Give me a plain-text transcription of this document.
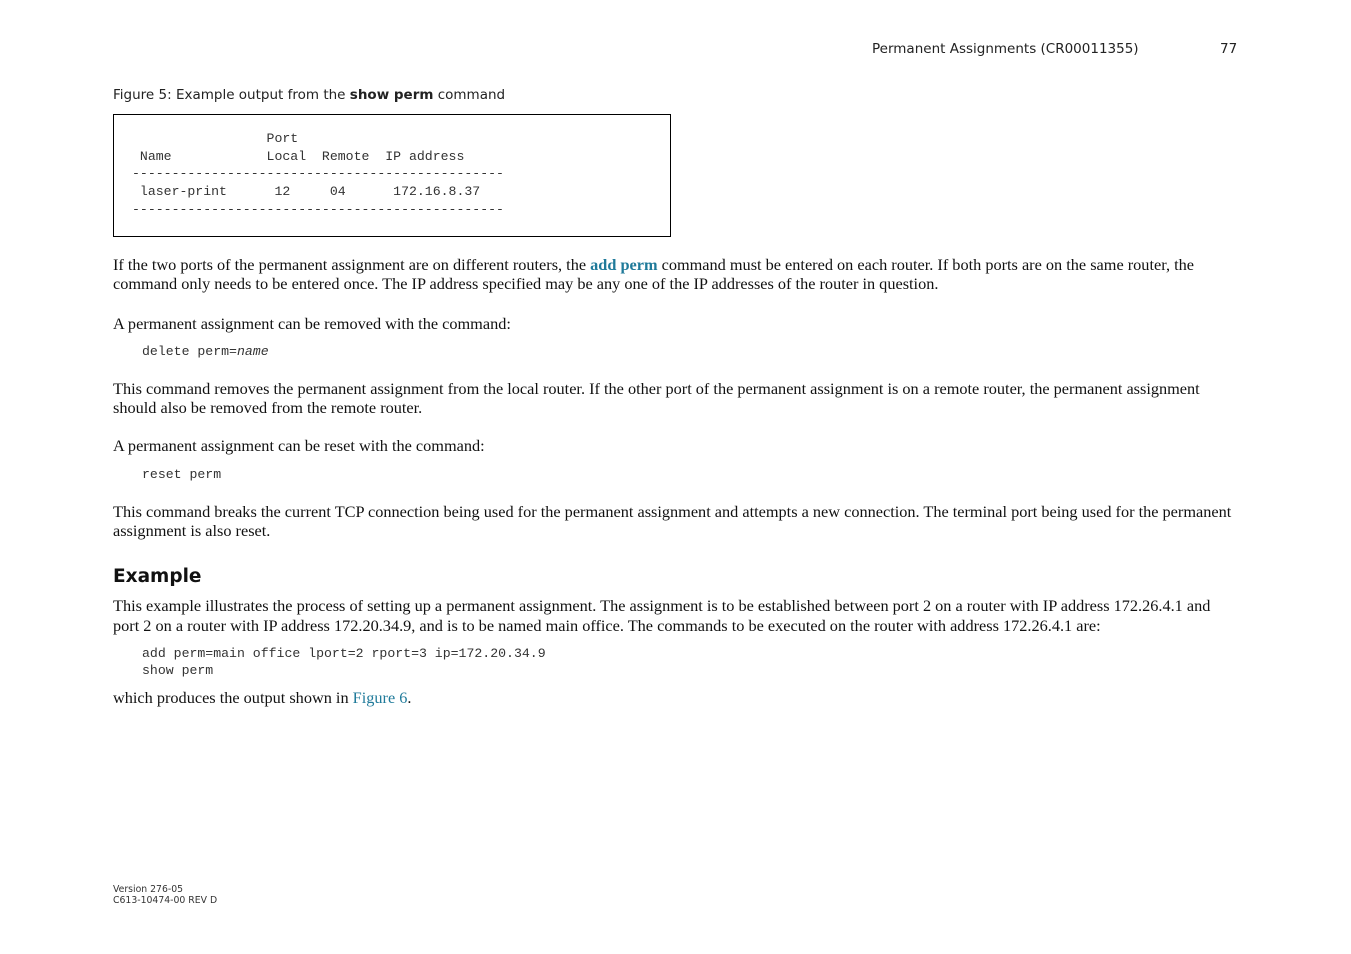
Permanent Assignments (CR00011355)	77
Figure 5: Example output from the show perm command
Port
Name            Local  Remote  IP address
-----------------------------------------------
laser-print      12     04      172.16.8.37
-----------------------------------------------

If the two ports of the permanent assignment are on different routers, the add perm command must be entered on each router. If both ports are on the same router, the command only needs to be entered once. The IP address specified may be any one of the IP addresses of the router in question.

A permanent assignment can be removed with the command:

delete perm=name

This command removes the permanent assignment from the local router. If the other port of the permanent assignment is on a remote router, the permanent assignment should also be removed from the remote router.

A permanent assignment can be reset with the command:

reset perm

This command breaks the current TCP connection being used for the permanent assignment and attempts a new connection. The terminal port being used for the permanent assignment is also reset.

Example

This example illustrates the process of setting up a permanent assignment. The assignment is to be established between port 2 on a router with IP address 172.26.4.1 and port 2 on a router with IP address 172.20.34.9, and is to be named main office. The commands to be executed on the router with address 172.26.4.1 are:

add perm=main office lport=2 rport=3 ip=172.20.34.9
show perm

which produces the output shown in Figure 6.

Version 276-05
C613-10474-00 REV D
